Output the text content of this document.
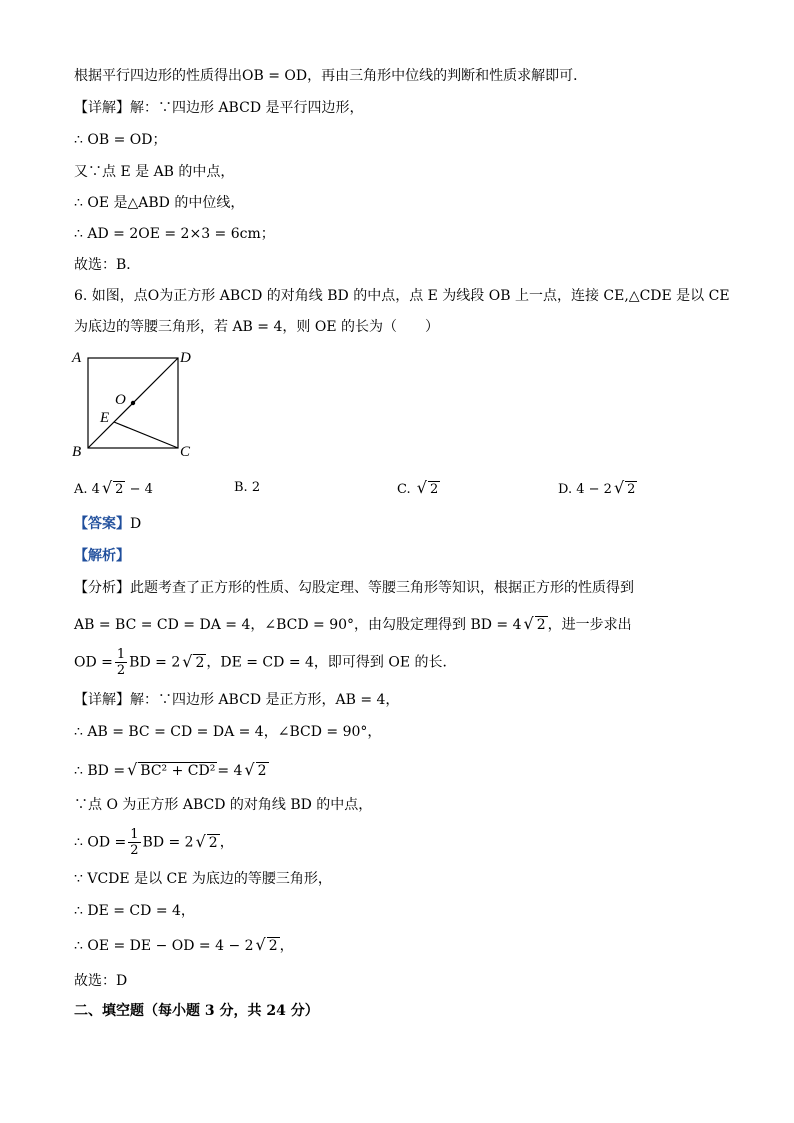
根据平行四边形的性质得出OB = OD，再由三角形中位线的判断和性质求解即可．
【详解】解：∵四边形 ABCD 是平行四边形，
∴ OB = OD；
又∵点 E 是 AB 的中点，
∴ OE 是△ABD 的中位线，
∴ AD = 2OE = 2×3 = 6cm；
故选：B．
6. 如图，点O为正方形 ABCD 的对角线 BD 的中点，点 E 为线段 OB 上一点，连接 CE,△CDE 是以 CE
为底边的等腰三角形，若 AB = 4，则 OE 的长为（　　）
A	D
B	C
O
E
A. 4 √ 2 − 4	B. 2	C. √ 2	D. 4 − 2 √ 2
【答案】D
【解析】
【分析】此题考查了正方形的性质、勾股定理、等腰三角形等知识，根据正方形的性质得到
AB = BC = CD = DA = 4，∠BCD = 90°，由勾股定理得到 BD = 4 √ 2 ，进一步求出
OD = $\frac{1}{2}$ BD = 2 √ 2 ，DE = CD = 4，即可得到 OE 的长．
【详解】解：∵四边形 ABCD 是正方形，AB = 4，
∴ AB = BC = CD = DA = 4，∠BCD = 90°，
∴ BD = √ BC² + CD² = 4 √ 2
∵点 O 为正方形 ABCD 的对角线 BD 的中点，
∴ OD = $\frac{1}{2}$ BD = 2 √ 2 ，
∵ VCDE 是以 CE 为底边的等腰三角形，
∴ DE = CD = 4，
∴ OE = DE − OD = 4 − 2 √ 2 ，
故选：D
二、填空题（每小题 3 分，共 24 分）
